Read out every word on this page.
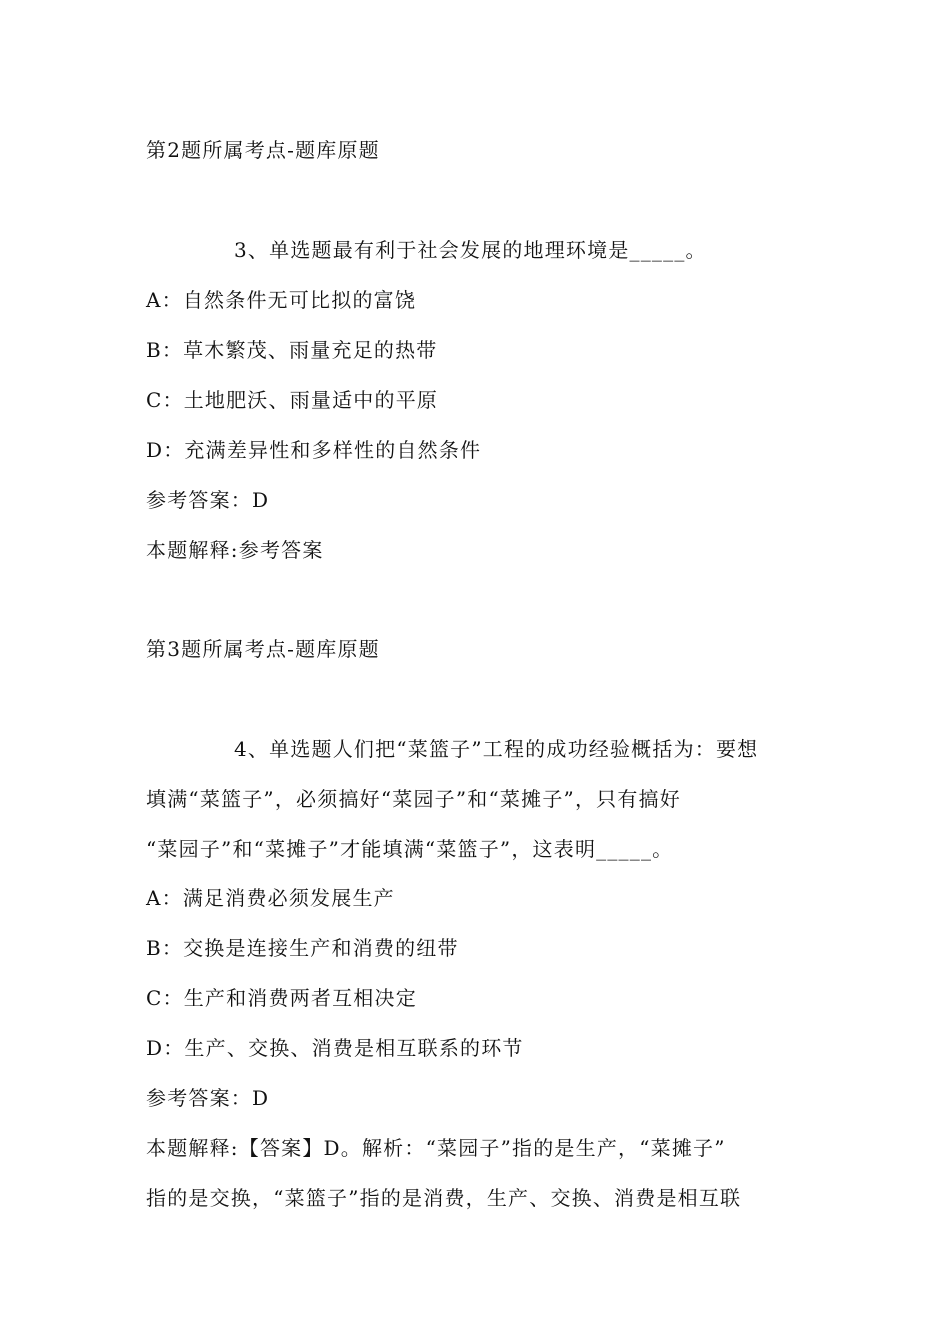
第2题所属考点-题库原题
3、单选题最有利于社会发展的地理环境是_____。
A：自然条件无可比拟的富饶
B：草木繁茂、雨量充足的热带
C：土地肥沃、雨量适中的平原
D：充满差异性和多样性的自然条件
参考答案：D
本题解释:参考答案
第3题所属考点-题库原题
4、单选题人们把“菜篮子”工程的成功经验概括为：要想
填满“菜篮子”，必须搞好“菜园子”和“菜摊子”，只有搞好
“菜园子”和“菜摊子”才能填满“菜篮子”，这表明_____。
A：满足消费必须发展生产
B：交换是连接生产和消费的纽带
C：生产和消费两者互相决定
D：生产、交换、消费是相互联系的环节
参考答案：D
本题解释:【答案】D。解析：“菜园子”指的是生产，“菜摊子”
指的是交换，“菜篮子”指的是消费，生产、交换、消费是相互联
